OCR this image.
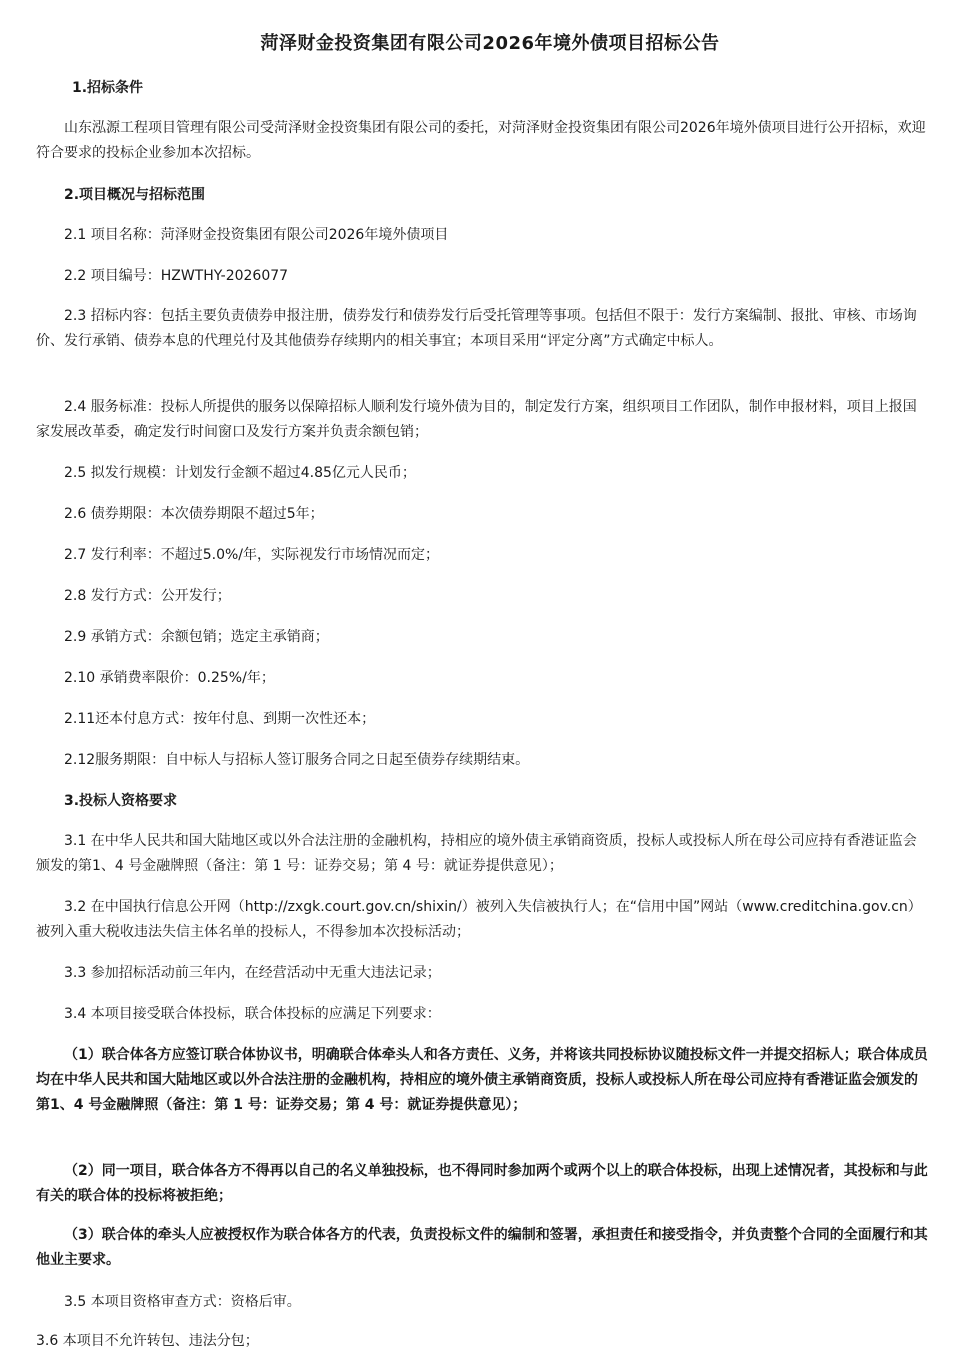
菏泽财金投资集团有限公司2026年境外债项目招标公告

1.招标条件

山东泓源工程项目管理有限公司受菏泽财金投资集团有限公司的委托，对菏泽财金投资集团有限公司2026年境外债项目进行公开招标，欢迎符合要求的投标企业参加本次招标。

2.项目概况与招标范围

2.1 项目名称：菏泽财金投资集团有限公司2026年境外债项目

2.2 项目编号：HZWTHY-2026077

2.3 招标内容：包括主要负责债券申报注册，债券发行和债券发行后受托管理等事项。包括但不限于：发行方案编制、报批、审核、市场询价、发行承销、债券本息的代理兑付及其他债券存续期内的相关事宜；本项目采用“评定分离”方式确定中标人。

2.4 服务标准：投标人所提供的服务以保障招标人顺利发行境外债为目的，制定发行方案，组织项目工作团队，制作申报材料，项目上报国家发展改革委，确定发行时间窗口及发行方案并负责余额包销；

2.5 拟发行规模：计划发行金额不超过4.85亿元人民币；

2.6 债券期限：本次债券期限不超过5年；

2.7 发行利率：不超过5.0%/年，实际视发行市场情况而定；

2.8 发行方式：公开发行；

2.9 承销方式：余额包销；选定主承销商；

2.10 承销费率限价：0.25%/年；

2.11还本付息方式：按年付息、到期一次性还本；

2.12服务期限：自中标人与招标人签订服务合同之日起至债券存续期结束。

3.投标人资格要求

3.1 在中华人民共和国大陆地区或以外合法注册的金融机构，持相应的境外债主承销商资质，投标人或投标人所在母公司应持有香港证监会颁发的第1、4 号金融牌照（备注：第 1 号：证券交易；第 4 号：就证券提供意见）；

3.2 在中国执行信息公开网（http://zxgk.court.gov.cn/shixin/）被列入失信被执行人；在“信用中国”网站（www.creditchina.gov.cn）被列入重大税收违法失信主体名单的投标人，不得参加本次投标活动；

3.3 参加招标活动前三年内，在经营活动中无重大违法记录；

3.4 本项目接受联合体投标，联合体投标的应满足下列要求：

（1）联合体各方应签订联合体协议书，明确联合体牵头人和各方责任、义务，并将该共同投标协议随投标文件一并提交招标人；联合体成员均在中华人民共和国大陆地区或以外合法注册的金融机构，持相应的境外债主承销商资质，投标人或投标人所在母公司应持有香港证监会颁发的第1、4 号金融牌照（备注：第 1 号：证券交易；第 4 号：就证券提供意见）；

（2）同一项目，联合体各方不得再以自己的名义单独投标，也不得同时参加两个或两个以上的联合体投标，出现上述情况者，其投标和与此有关的联合体的投标将被拒绝；

（3）联合体的牵头人应被授权作为联合体各方的代表，负责投标文件的编制和签署，承担责任和接受指令，并负责整个合同的全面履行和其他业主要求。

3.5 本项目资格审查方式：资格后审。

3.6 本项目不允许转包、违法分包；
